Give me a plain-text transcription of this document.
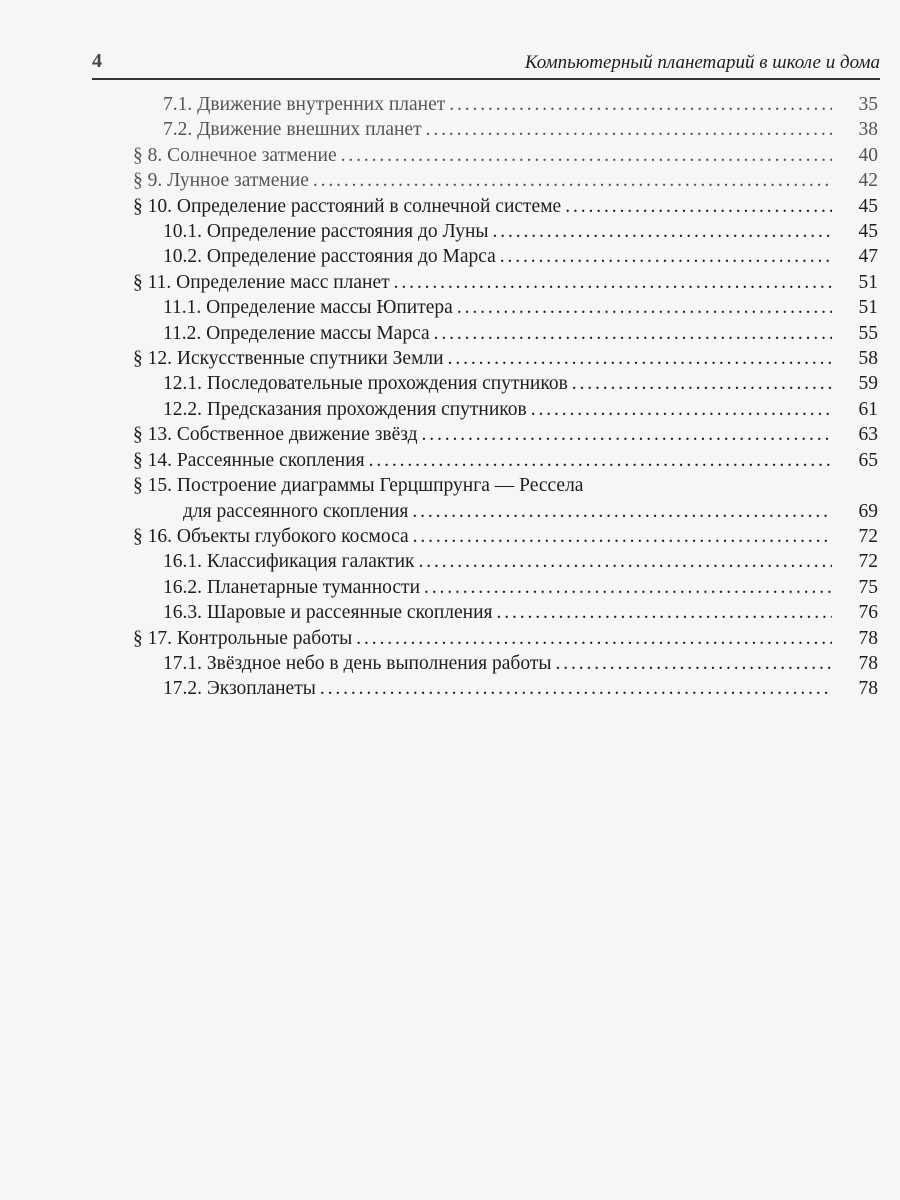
4	Компьютерный планетарий в школе и дома
7.1. Движение внутренних планет . . .	35
7.2. Движение внешних планет . . .	38
§ 8. Солнечное затмение . . .	40
§ 9. Лунное затмение . . .	42
§ 10. Определение расстояний в солнечной системе . . .	45
10.1. Определение расстояния до Луны . . .	45
10.2. Определение расстояния до Марса . . .	47
§ 11. Определение масс планет . . .	51
11.1. Определение массы Юпитера . . .	51
11.2. Определение массы Марса . . .	55
§ 12. Искусственные спутники Земли . . .	58
12.1. Последовательные прохождения спутников . . .	59
12.2. Предсказания прохождения спутников . . .	61
§ 13. Собственное движение звёзд . . .	63
§ 14. Рассеянные скопления . . .	65
§ 15. Построение диаграммы Герцшпрунга — Рессела
для рассеянного скопления . . .	69
§ 16. Объекты глубокого космоса . . .	72
16.1. Классификация галактик . . .	72
16.2. Планетарные туманности . . .	75
16.3. Шаровые и рассеянные скопления . . .	76
§ 17. Контрольные работы . . .	78
17.1. Звёздное небо в день выполнения работы . . .	78
17.2. Экзопланеты . . .	78
